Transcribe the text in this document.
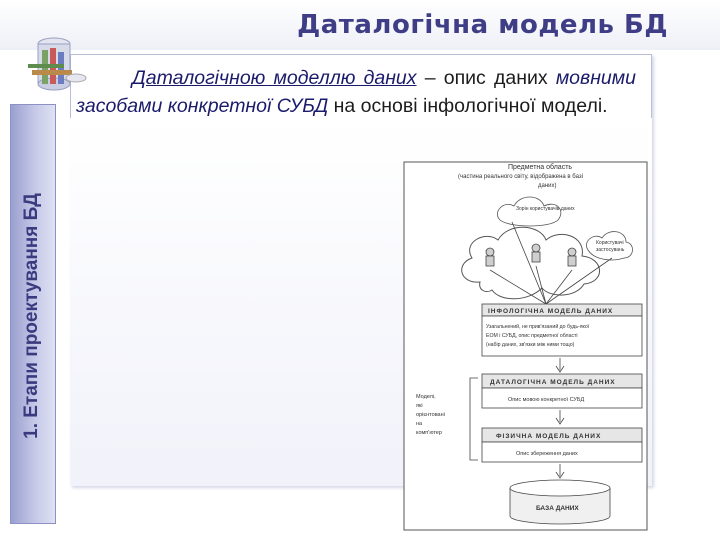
Даталогічна модель БД
1. Етапи проектування БД
Даталогічною моделлю даних – опис даних мовними засобами конкретної СУБД на основі інфологічної моделі.
Предметна область
(частина реального світу, відображена в базі
даних)
Зорін користувачів даних
Користувачі
застосувань
ІНФОЛОГІЧНА МОДЕЛЬ ДАНИХ
Узагальнений, не прив'язаний до будь-якої
ЕОМ і СУБД, опис предметної області
(набір даних, зв'язки між ними тощо)
Моделі,
які
орієнтовані
на
комп'ютер
ДАТАЛОГІЧНА МОДЕЛЬ ДАНИХ
Опис мовою конкретної СУБД
ФІЗИЧНА МОДЕЛЬ ДАНИХ
Опис збереження даних
БАЗА ДАНИХ
